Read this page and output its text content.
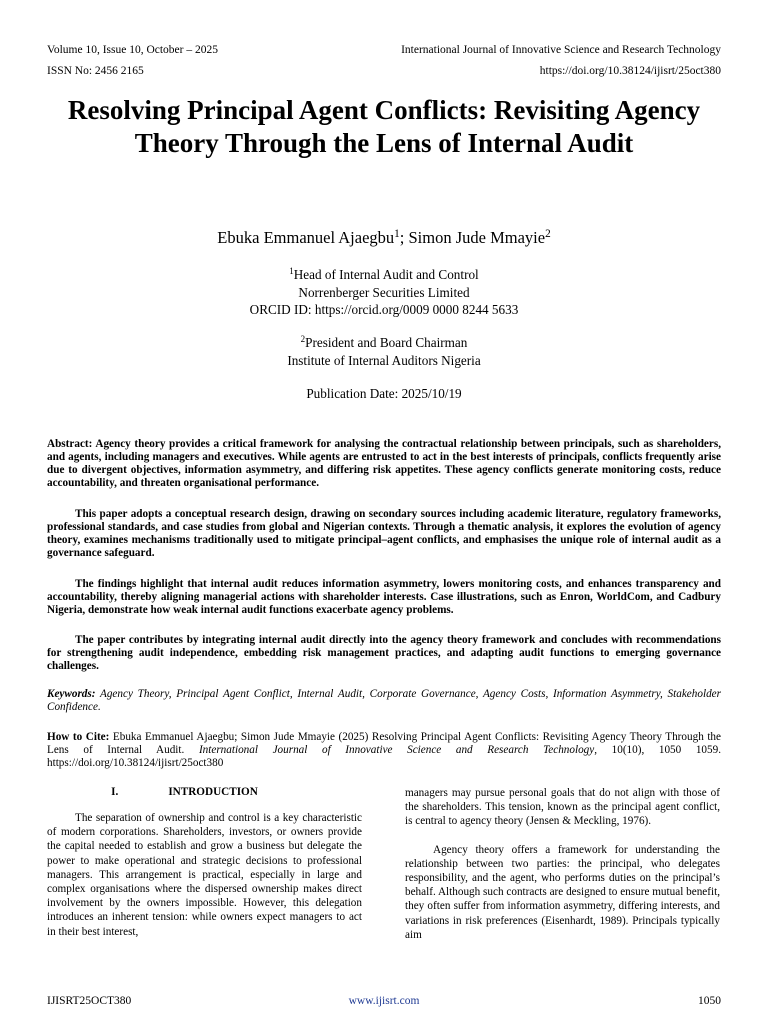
Volume 10, Issue 10, October – 2025	International Journal of Innovative Science and Research Technology
ISSN No: 2456 2165	https://doi.org/10.38124/ijisrt/25oct380
Resolving Principal Agent Conflicts: Revisiting Agency Theory Through the Lens of Internal Audit
Ebuka Emmanuel Ajaegbu$^1$; Simon Jude Mmayie$^2$
$^1$Head of Internal Audit and Control
Norrenberger Securities Limited
ORCID ID: https://orcid.org/0009 0000 8244 5633
$^2$President and Board Chairman
Institute of Internal Auditors Nigeria
Publication Date: 2025/10/19
Abstract: Agency theory provides a critical framework for analysing the contractual relationship between principals, such as shareholders, and agents, including managers and executives. While agents are entrusted to act in the best interests of principals, conflicts frequently arise due to divergent objectives, information asymmetry, and differing risk appetites. These agency conflicts generate monitoring costs, reduce accountability, and threaten organisational performance.
This paper adopts a conceptual research design, drawing on secondary sources including academic literature, regulatory frameworks, professional standards, and case studies from global and Nigerian contexts. Through a thematic analysis, it explores the evolution of agency theory, examines mechanisms traditionally used to mitigate principal–agent conflicts, and emphasises the unique role of internal audit as a governance safeguard.
The findings highlight that internal audit reduces information asymmetry, lowers monitoring costs, and enhances transparency and accountability, thereby aligning managerial actions with shareholder interests. Case illustrations, such as Enron, WorldCom, and Cadbury Nigeria, demonstrate how weak internal audit functions exacerbate agency problems.
The paper contributes by integrating internal audit directly into the agency theory framework and concludes with recommendations for strengthening audit independence, embedding risk management practices, and adapting audit functions to emerging governance challenges.
Keywords: Agency Theory, Principal Agent Conflict, Internal Audit, Corporate Governance, Agency Costs, Information Asymmetry, Stakeholder Confidence.
How to Cite: Ebuka Emmanuel Ajaegbu; Simon Jude Mmayie (2025) Resolving Principal Agent Conflicts: Revisiting Agency Theory Through the Lens of Internal Audit. International Journal of Innovative Science and Research Technology, 10(10), 1050 1059. https://doi.org/10.38124/ijisrt/25oct380
I.	INTRODUCTION

The separation of ownership and control is a key characteristic of modern corporations. Shareholders, investors, or owners provide the capital needed to establish and grow a business but delegate the power to make operational and strategic decisions to professional managers. This arrangement is practical, especially in large and complex organisations where the dispersed ownership makes direct involvement by the owners impossible. However, this delegation introduces an inherent tension: while owners expect managers to act in their best interest,

managers may pursue personal goals that do not align with those of the shareholders. This tension, known as the principal agent conflict, is central to agency theory (Jensen & Meckling, 1976).

Agency theory offers a framework for understanding the relationship between two parties: the principal, who delegates responsibility, and the agent, who performs duties on the principal’s behalf. Although such contracts are designed to ensure mutual benefit, they often suffer from information asymmetry, differing interests, and variations in risk preferences (Eisenhardt, 1989). Principals typically aim

IJISRT25OCT380	www.ijisrt.com	1050
